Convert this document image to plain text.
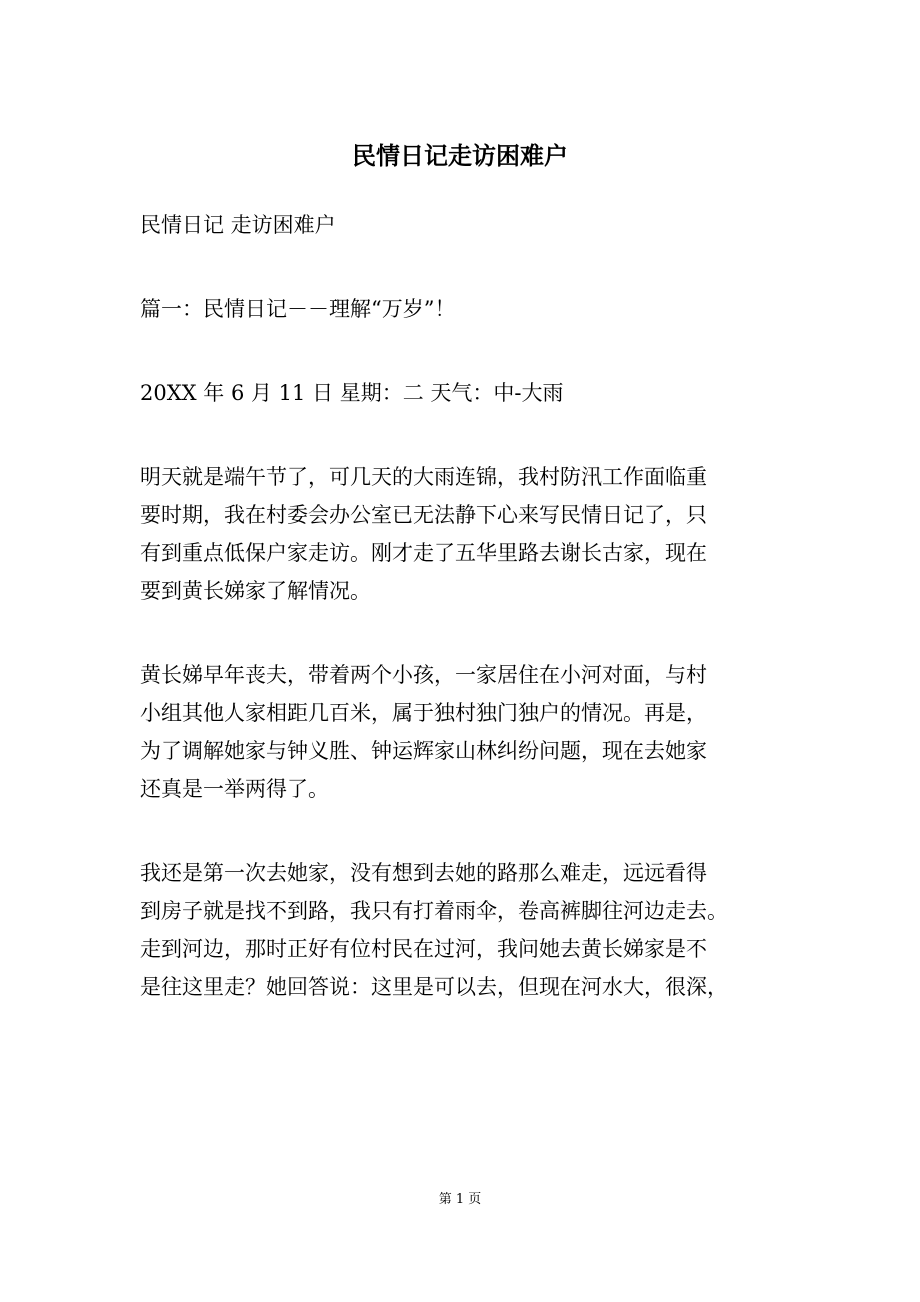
民情日记走访困难户

民情日记 走访困难户

篇一：民情日记－－理解“万岁”！

20XX 年 6 月 11 日 星期：二 天气：中-大雨

明天就是端午节了，可几天的大雨连锦，我村防汛工作面临重

要时期，我在村委会办公室已无法静下心来写民情日记了，只

有到重点低保户家走访。刚才走了五华里路去谢长古家，现在

要到黄长娣家了解情况。

黄长娣早年丧夫，带着两个小孩，一家居住在小河对面，与村

小组其他人家相距几百米，属于独村独门独户的情况。再是，

为了调解她家与钟义胜、钟运辉家山林纠纷问题，现在去她家

还真是一举两得了。

我还是第一次去她家，没有想到去她的路那么难走，远远看得

到房子就是找不到路，我只有打着雨伞，卷高裤脚往河边走去。

走到河边，那时正好有位村民在过河，我问她去黄长娣家是不

是往这里走？她回答说：这里是可以去，但现在河水大，很深，

第 1 页
